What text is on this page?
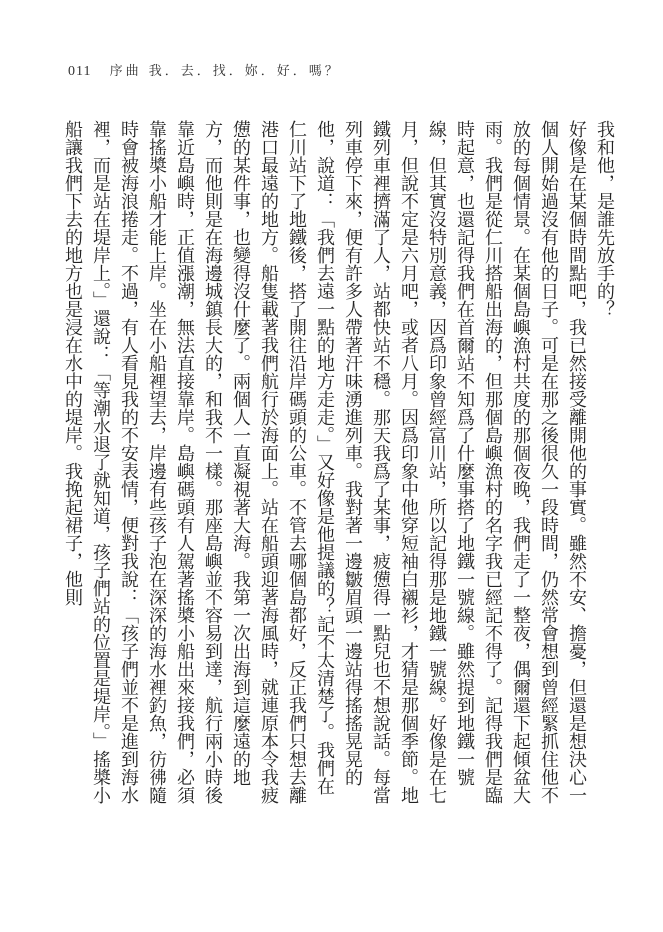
011 序曲 我．去．找．妳．好．嗎？

我和他，是誰先放手的？

好像是在某個時間點吧，我已然接受離開他的事實。雖然不安、擔憂，但還是想決心一個人開始過沒有他的日子。可是在那之後很久一段時間，仍然常會想到曾經緊抓住他不放的每個情景。在某個島嶼漁村共度的那個夜晚，我們走了一整夜，偶爾還下起傾盆大雨。我們是從仁川搭船出海的，但那個島嶼漁村的名字我已經記不得了。記得我們是臨時起意，也還記得我們在首爾站不知爲了什麼事搭了地鐵一號線。雖然提到地鐵一號線，但其實沒特別意義，因爲印象曾經富川站，所以記得那是地鐵一號線。好像是在七月，但說不定是六月吧，或者八月。因爲印象中他穿短袖白襯衫，才猜是那個季節。地鐵列車裡擠滿了人，站都快站不穩。那天我爲了某事，疲憊得一點兒也不想說話。每當列車停下來，便有許多人帶著汗味湧進列車。我對著一邊皺眉頭一邊站得搖搖晃晃的他，說道：「我們去遠一點的地方走走。」又好像是他提議的？記不太清楚了。我們在仁川站下了地鐵後，搭了開往沿岸碼頭的公車。不管去哪個島都好，反正我們只想去離港口最遠的地方。船隻載著我們航行於海面上。站在船頭迎著海風時，就連原本令我疲憊的某件事，也變得沒什麼了。兩個人一直凝視著大海。我第一次出海到這麼遠的地方，而他則是在海邊城鎮長大的，和我不一樣。那座島嶼並不容易到達，航行兩小時後靠近島嶼時，正值漲潮，無法直接靠岸。島嶼碼頭有人駕著搖槳小船出來接我們，必須靠搖槳小船才能上岸。坐在小船裡望去，岸邊有些孩子泡在深深的海水裡釣魚，彷彿隨時會被海浪捲走。不過，有人看見我的不安表情，便對我說：「孩子們並不是進到海水裡，而是站在堤岸上。」還說：「等潮水退了就知道，孩子們站的位置是堤岸。」搖槳小船讓我們下去的地方也是浸在水中的堤岸。我挽起裙子，他則
